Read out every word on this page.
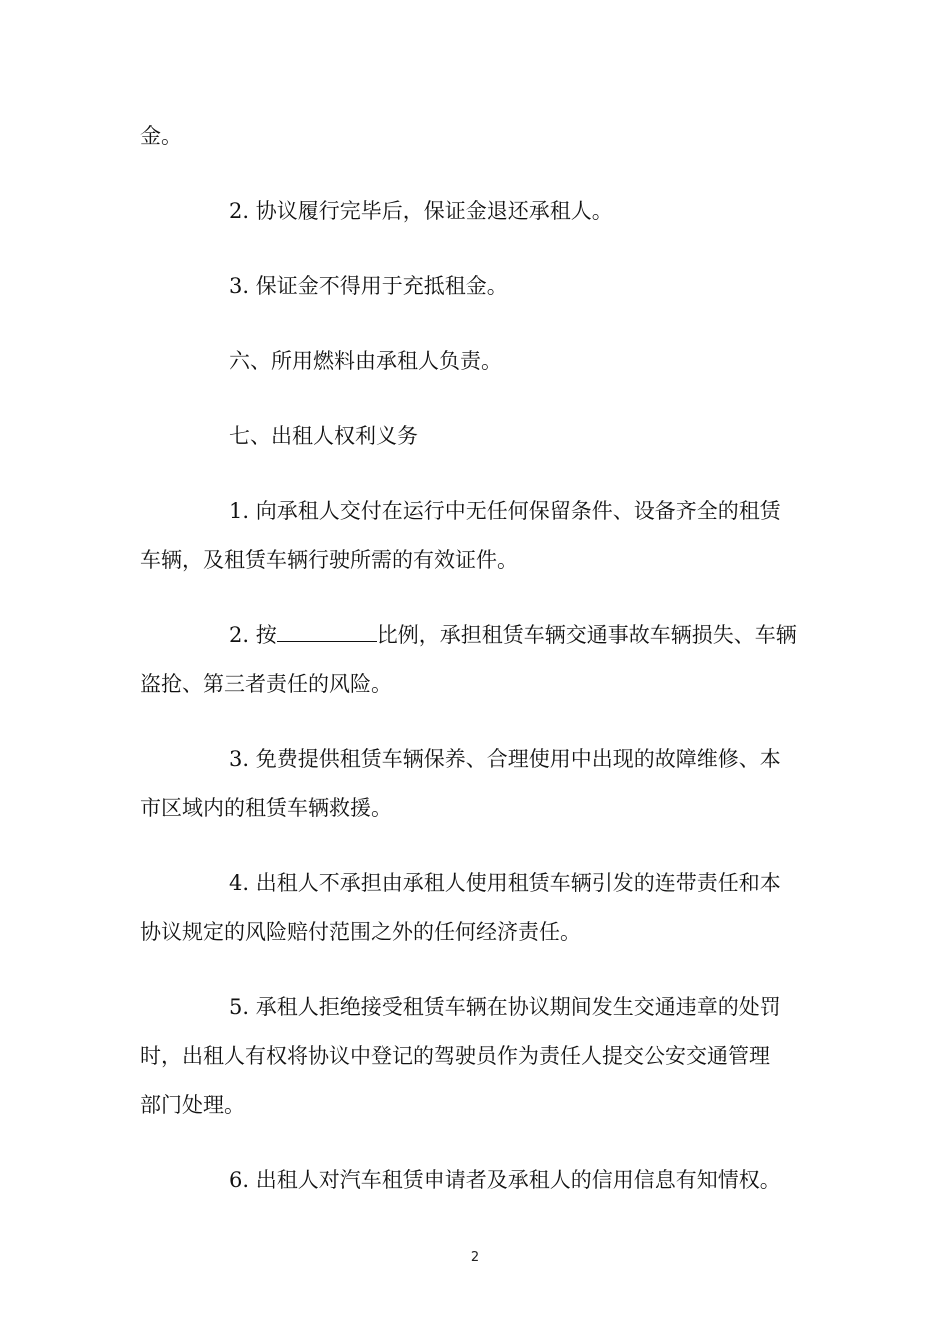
金。
2. 协议履行完毕后，保证金退还承租人。
3. 保证金不得用于充抵租金。
六、所用燃料由承租人负责。
七、出租人权利义务
1. 向承租人交付在运行中无任何保留条件、设备齐全的租赁
车辆，及租赁车辆行驶所需的有效证件。
2. 按	比例，承担租赁车辆交通事故车辆损失、车辆
盗抢、第三者责任的风险。
3. 免费提供租赁车辆保养、合理使用中出现的故障维修、本
市区域内的租赁车辆救援。
4. 出租人不承担由承租人使用租赁车辆引发的连带责任和本
协议规定的风险赔付范围之外的任何经济责任。
5. 承租人拒绝接受租赁车辆在协议期间发生交通违章的处罚
时，出租人有权将协议中登记的驾驶员作为责任人提交公安交通管理
部门处理。
6. 出租人对汽车租赁申请者及承租人的信用信息有知情权。
2
